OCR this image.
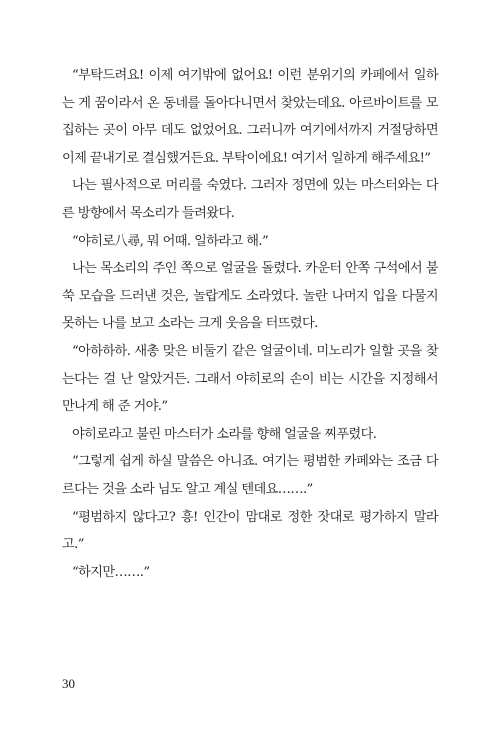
“부탁드려요! 이제 여기밖에 없어요! 이런 분위기의 카페에서 일하는 게 꿈이라서 온 동네를 돌아다니면서 찾았는데요. 아르바이트를 모집하는 곳이 아무 데도 없었어요. 그러니까 여기에서까지 거절당하면 이제 끝내기로 결심했거든요. 부탁이에요! 여기서 일하게 해주세요!”

나는 필사적으로 머리를 숙였다. 그러자 정면에 있는 마스터와는 다른 방향에서 목소리가 들려왔다.

“야히로八尋, 뭐 어때. 일하라고 해.”

나는 목소리의 주인 쪽으로 얼굴을 돌렸다. 카운터 안쪽 구석에서 불쑥 모습을 드러낸 것은, 놀랍게도 소라였다. 놀란 나머지 입을 다물지 못하는 나를 보고 소라는 크게 웃음을 터뜨렸다.

“아하하하. 새총 맞은 비둘기 같은 얼굴이네. 미노리가 일할 곳을 찾는다는 걸 난 알았거든. 그래서 야히로의 손이 비는 시간을 지정해서 만나게 해 준 거야.”

야히로라고 불린 마스터가 소라를 향해 얼굴을 찌푸렸다.

“그렇게 쉽게 하실 말씀은 아니죠. 여기는 평범한 카페와는 조금 다르다는 것을 소라 님도 알고 계실 텐데요…….”

“평범하지 않다고? 흥! 인간이 맘대로 정한 잣대로 평가하지 말라고.”

“하지만…….”

30
